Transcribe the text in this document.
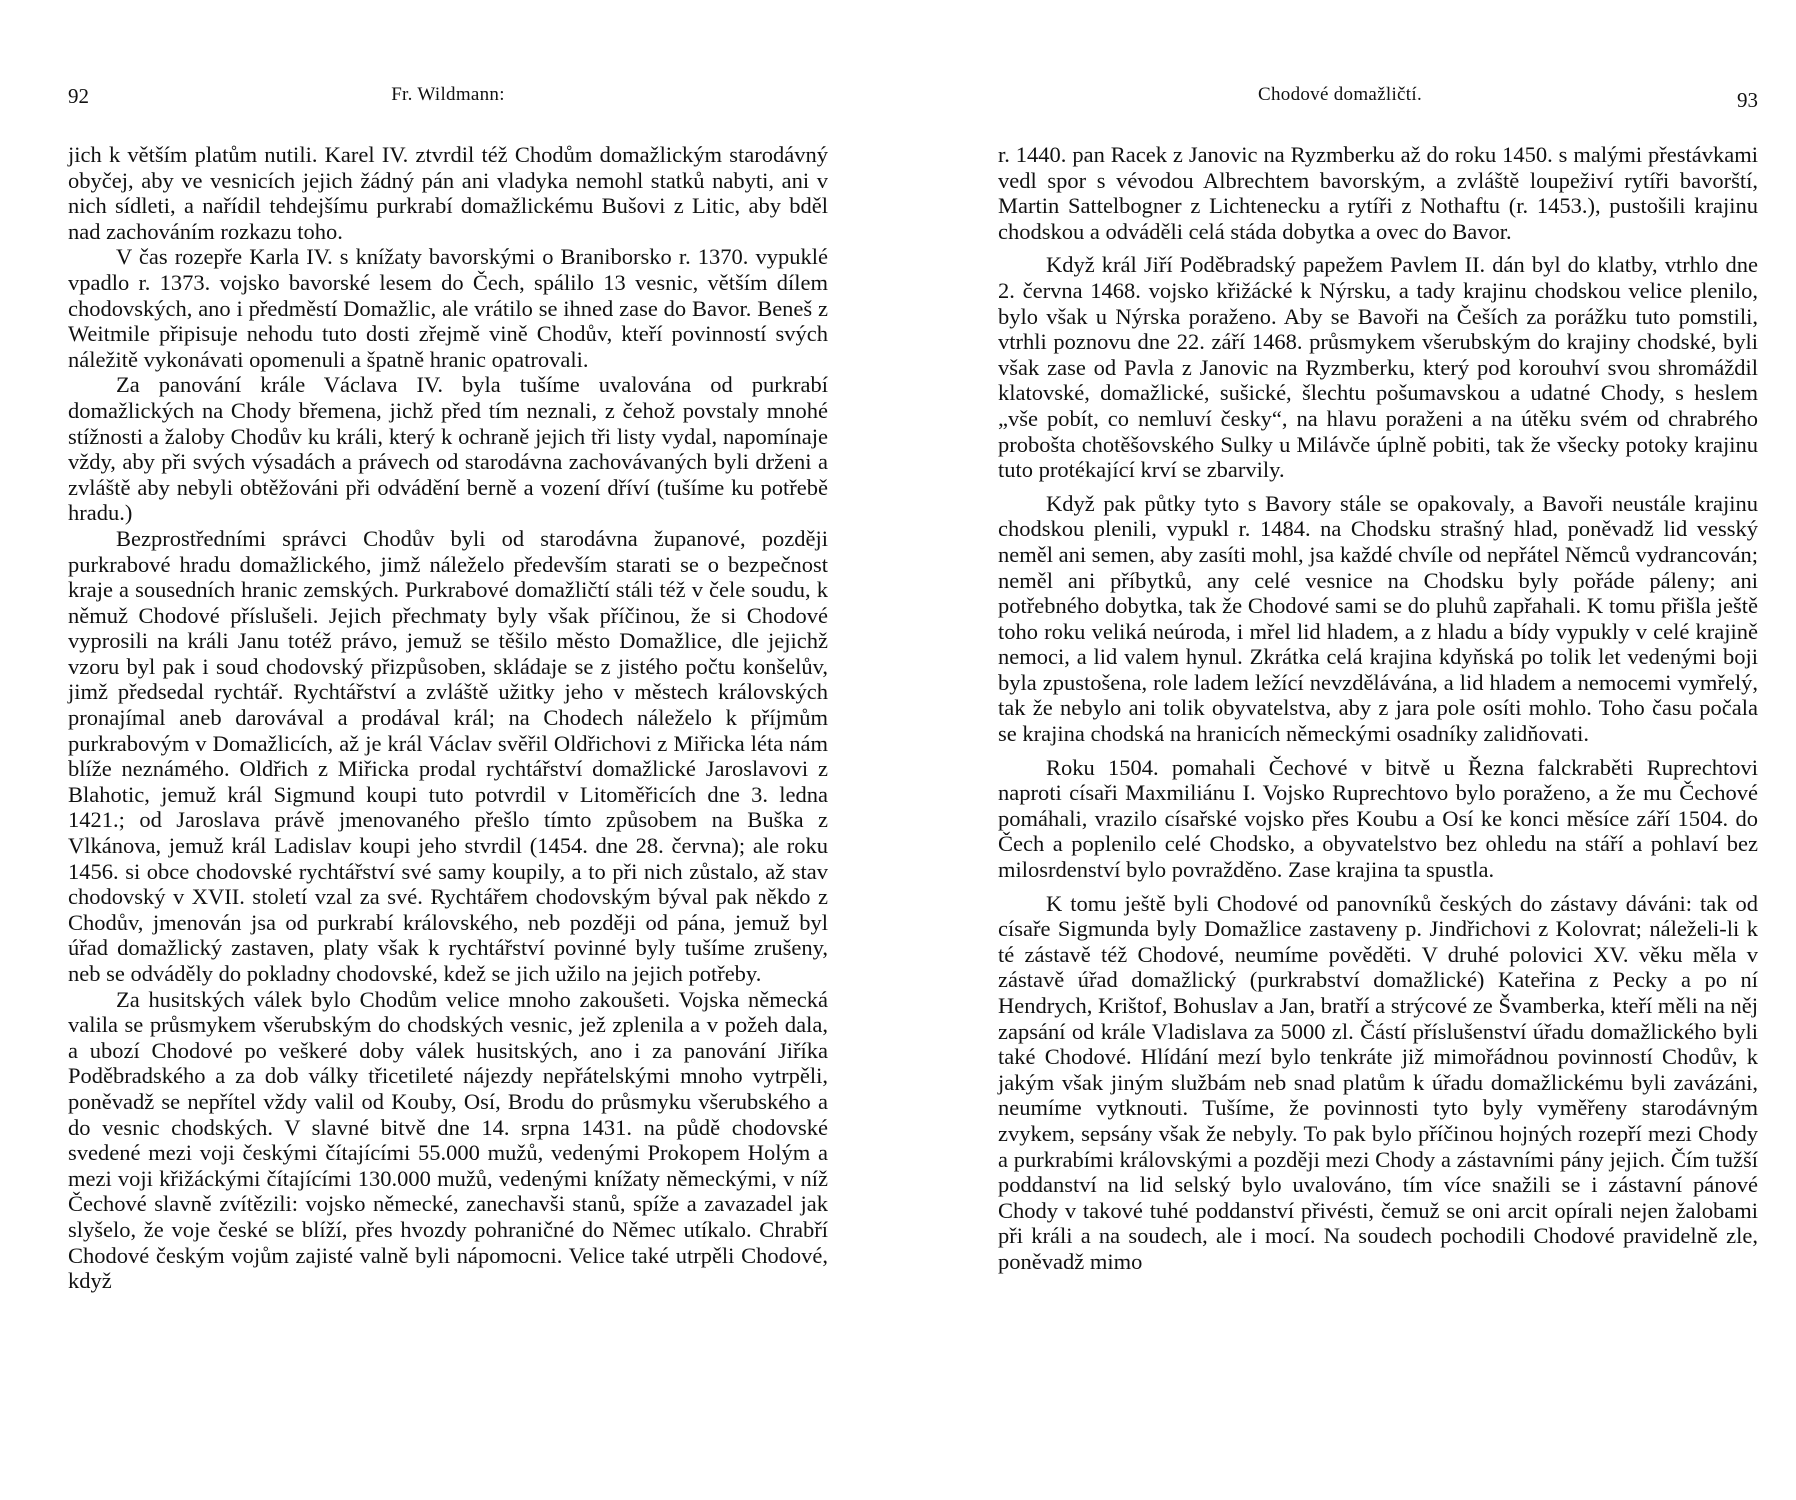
92	Fr. Wildmann:

jich k větším platům nutili. Karel IV. ztvrdil též Chodům domažlickým starodávný obyčej, aby ve vesnicích jejich žádný pán ani vladyka nemohl statků nabyti, ani v nich sídleti, a nařídil tehdejšímu purkrabí domažlickému Bušovi z Litic, aby bděl nad zachováním rozkazu toho.

V čas rozepře Karla IV. s knížaty bavorskými o Braniborsko r. 1370. vypuklé vpadlo r. 1373. vojsko bavorské lesem do Čech, spálilo 13 vesnic, větším dílem chodovských, ano i předměstí Domažlic, ale vrátilo se ihned zase do Bavor. Beneš z Weitmile připisuje nehodu tuto dosti zřejmě vině Chodův, kteří povinností svých náležitě vykonávati opomenuli a špatně hranic opatrovali.

Za panování krále Václava IV. byla tušíme uvalována od purkrabí domažlických na Chody břemena, jichž před tím neznali, z čehož povstaly mnohé stížnosti a žaloby Chodův ku králi, který k ochraně jejich tři listy vydal, napomínaje vždy, aby při svých výsadách a právech od starodávna zachovávaných byli drženi a zvláště aby nebyli obtěžováni při odvádění berně a vození dříví (tušíme ku potřebě hradu.)

Bezprostředními správci Chodův byli od starodávna županové, později purkrabové hradu domažlického, jimž náleželo především starati se o bezpečnost kraje a sousedních hranic zemských. Purkrabové domažličtí stáli též v čele soudu, k němuž Chodové příslušeli. Jejich přechmaty byly však příčinou, že si Chodové vyprosili na králi Janu totéž právo, jemuž se těšilo město Domažlice, dle jejichž vzoru byl pak i soud chodovský přizpůsoben, skládaje se z jistého počtu konšelův, jimž předsedal rychtář. Rychtářství a zvláště užitky jeho v městech královských pronajímal aneb darovával a prodával král; na Chodech náleželo k příjmům purkrabovým v Domažlicích, až je král Václav svěřil Oldřichovi z Miřicka léta nám blíže neznámého. Oldřich z Miřicka prodal rychtářství domažlické Jaroslavovi z Blahotic, jemuž král Sigmund koupi tuto potvrdil v Litoměřicích dne 3. ledna 1421.; od Jaroslava právě jmenovaného přešlo tímto způsobem na Buška z Vlkánova, jemuž král Ladislav koupi jeho stvrdil (1454. dne 28. června); ale roku 1456. si obce chodovské rychtářství své samy koupily, a to při nich zůstalo, až stav chodovský v XVII. století vzal za své. Rychtářem chodovským býval pak někdo z Chodův, jmenován jsa od purkrabí královského, neb později od pána, jemuž byl úřad domažlický zastaven, platy však k rychtářství povinné byly tušíme zrušeny, neb se odváděly do pokladny chodovské, kdež se jich užilo na jejich potřeby.

Za husitských válek bylo Chodům velice mnoho zakoušeti. Vojska německá valila se průsmykem všerubským do chodských vesnic, jež zplenila a v požeh dala, a ubozí Chodové po veškeré doby válek husitských, ano i za panování Jiříka Poděbradského a za dob války třicetileté nájezdy nepřátelskými mnoho vytrpěli, poněvadž se nepřítel vždy valil od Kouby, Osí, Brodu do průsmyku všerubského a do vesnic chodských. V slavné bitvě dne 14. srpna 1431. na půdě chodovské svedené mezi voji českými čítajícími 55.000 mužů, vedenými Prokopem Holým a mezi voji křižáckými čítajícími 130.000 mužů, vedenými knížaty německými, v níž Čechové slavně zvítězili: vojsko německé, zanechavši stanů, spíže a zavazadel jak slyšelo, že voje české se blíží, přes hvozdy pohraničné do Němec utíkalo. Chrabří Chodové českým vojům zajisté valně byli nápomocni. Velice také utrpěli Chodové, když

Chodové domažličtí.	93

r. 1440. pan Racek z Janovic na Ryzmberku až do roku 1450. s malými přestávkami vedl spor s vévodou Albrechtem bavorským, a zvláště loupeživí rytíři bavorští, Martin Sattelbogner z Lichtenecku a rytíři z Nothaftu (r. 1453.), pustošili krajinu chodskou a odváděli celá stáda dobytka a ovec do Bavor.

Když král Jiří Poděbradský papežem Pavlem II. dán byl do klatby, vtrhlo dne 2. června 1468. vojsko křižácké k Nýrsku, a tady krajinu chodskou velice plenilo, bylo však u Nýrska poraženo. Aby se Bavoři na Češích za porážku tuto pomstili, vtrhli poznovu dne 22. září 1468. průsmykem všerubským do krajiny chodské, byli však zase od Pavla z Janovic na Ryzmberku, který pod korouhví svou shromáždil klatovské, domažlické, sušické, šlechtu pošumavskou a udatné Chody, s heslem „vše pobít, co nemluví česky“, na hlavu poraženi a na útěku svém od chrabrého probošta chotěšovského Sulky u Milávče úplně pobiti, tak že všecky potoky krajinu tuto protékající krví se zbarvily.

Když pak půtky tyto s Bavory stále se opakovaly, a Bavoři neustále krajinu chodskou plenili, vypukl r. 1484. na Chodsku strašný hlad, poněvadž lid vesský neměl ani semen, aby zasíti mohl, jsa každé chvíle od nepřátel Němců vydrancován; neměl ani příbytků, any celé vesnice na Chodsku byly pořáde páleny; ani potřebného dobytka, tak že Chodové sami se do pluhů zapřahali. K tomu přišla ještě toho roku veliká neúroda, i mřel lid hladem, a z hladu a bídy vypukly v celé krajině nemoci, a lid valem hynul. Zkrátka celá krajina kdyňská po tolik let vedenými boji byla zpustošena, role ladem ležící nevzdělávána, a lid hladem a nemocemi vymřelý, tak že nebylo ani tolik obyvatelstva, aby z jara pole osíti mohlo. Toho času počala se krajina chodská na hranicích německými osadníky zalidňovati.

Roku 1504. pomahali Čechové v bitvě u Řezna falckraběti Ruprechtovi naproti císaři Maxmiliánu I. Vojsko Ruprechtovo bylo poraženo, a že mu Čechové pomáhali, vrazilo císařské vojsko přes Koubu a Osí ke konci měsíce září 1504. do Čech a poplenilo celé Chodsko, a obyvatelstvo bez ohledu na stáří a pohlaví bez milosrdenství bylo povražděno. Zase krajina ta spustla.

K tomu ještě byli Chodové od panovníků českých do zástavy dáváni: tak od císaře Sigmunda byly Domažlice zastaveny p. Jindřichovi z Kolovrat; náleželi-li k té zástavě též Chodové, neumíme pověděti. V druhé polovici XV. věku měla v zástavě úřad domažlický (purkrabství domažlické) Kateřina z Pecky a po ní Hendrych, Krištof, Bohuslav a Jan, bratří a strýcové ze Švamberka, kteří měli na něj zapsání od krále Vladislava za 5000 zl. Částí příslušenství úřadu domažlického byli také Chodové. Hlídání mezí bylo tenkráte již mimořádnou povinností Chodův, k jakým však jiným službám neb snad platům k úřadu domažlickému byli zavázáni, neumíme vytknouti. Tušíme, že povinnosti tyto byly vyměřeny starodávným zvykem, sepsány však že nebyly. To pak bylo příčinou hojných rozepří mezi Chody a purkrabími královskými a později mezi Chody a zástavními pány jejich. Čím tužší poddanství na lid selský bylo uvalováno, tím více snažili se i zástavní pánové Chody v takové tuhé poddanství přivésti, čemuž se oni arcit opírali nejen žalobami při králi a na soudech, ale i mocí. Na soudech pochodili Chodové pravidelně zle, poněvadž mimo
